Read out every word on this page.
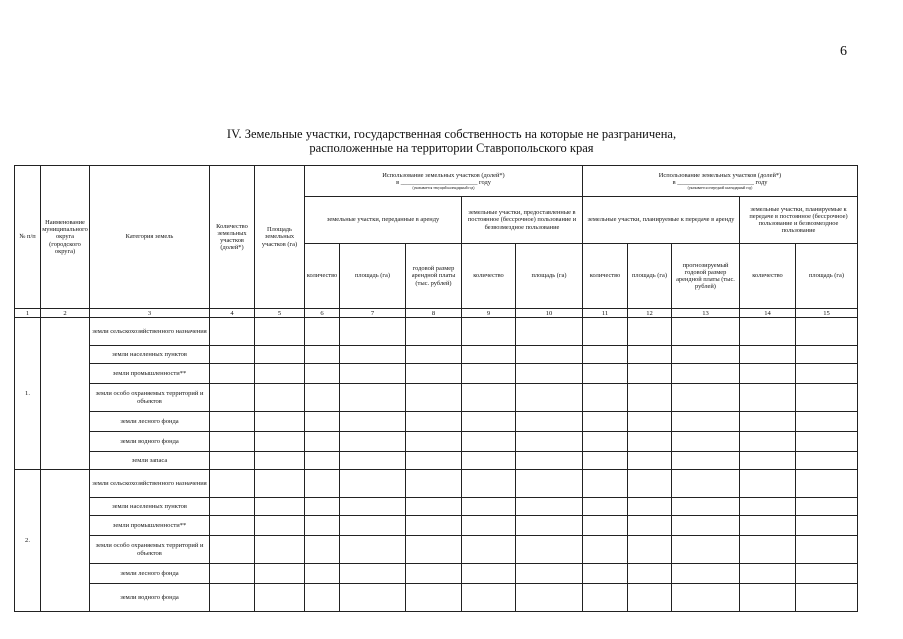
6
IV. Земельные участки, государственная собственность на которые не разграничена,
расположенные на территории Ставропольского края
№ п/п	Наименование муниципального округа (городского округа)	Категория земель	Количество земельных участков (долей*)	Площадь земельных участков (га)	Использование земельных участков (долей*)
в ________________________ году
(указывается текущий календарный год)					Использование земельных участков (долей*)
в ________________________ году
(указывается очередной календарный год)				

					земельные участки, переданные в аренду			земельные участки, предоставленные в постоянное (бессрочное) пользование и безвозмездное пользование		земельные участки, планируемые к передаче в аренду			земельные участки, планируемые к передаче в постоянное (бессрочное) пользование и безвозмездное пользование	
					количество	площадь (га)	годовой размер арендной платы (тыс. рублей)	количество	площадь (га)	количество	площадь (га)	прогнозируемый годовой размер арендной платы (тыс. рублей)	количество	площадь (га)
1	2	3	4	5	6	7	8	9	10	11	12	13	14	15
1.		земли сельскохозяйственного назначения												
		земли населенных пунктов												
		земли промышленности**												
		земли особо охраняемых территорий и объектов												
		земли лесного фонда												
		земли водного фонда												
		земли запаса												
2.		земли сельскохозяйственного назначения												
		земли населенных пунктов												
		земли промышленности**												
		земли особо охраняемых территорий и объектов												
		земли лесного фонда												
		земли водного фонда												
